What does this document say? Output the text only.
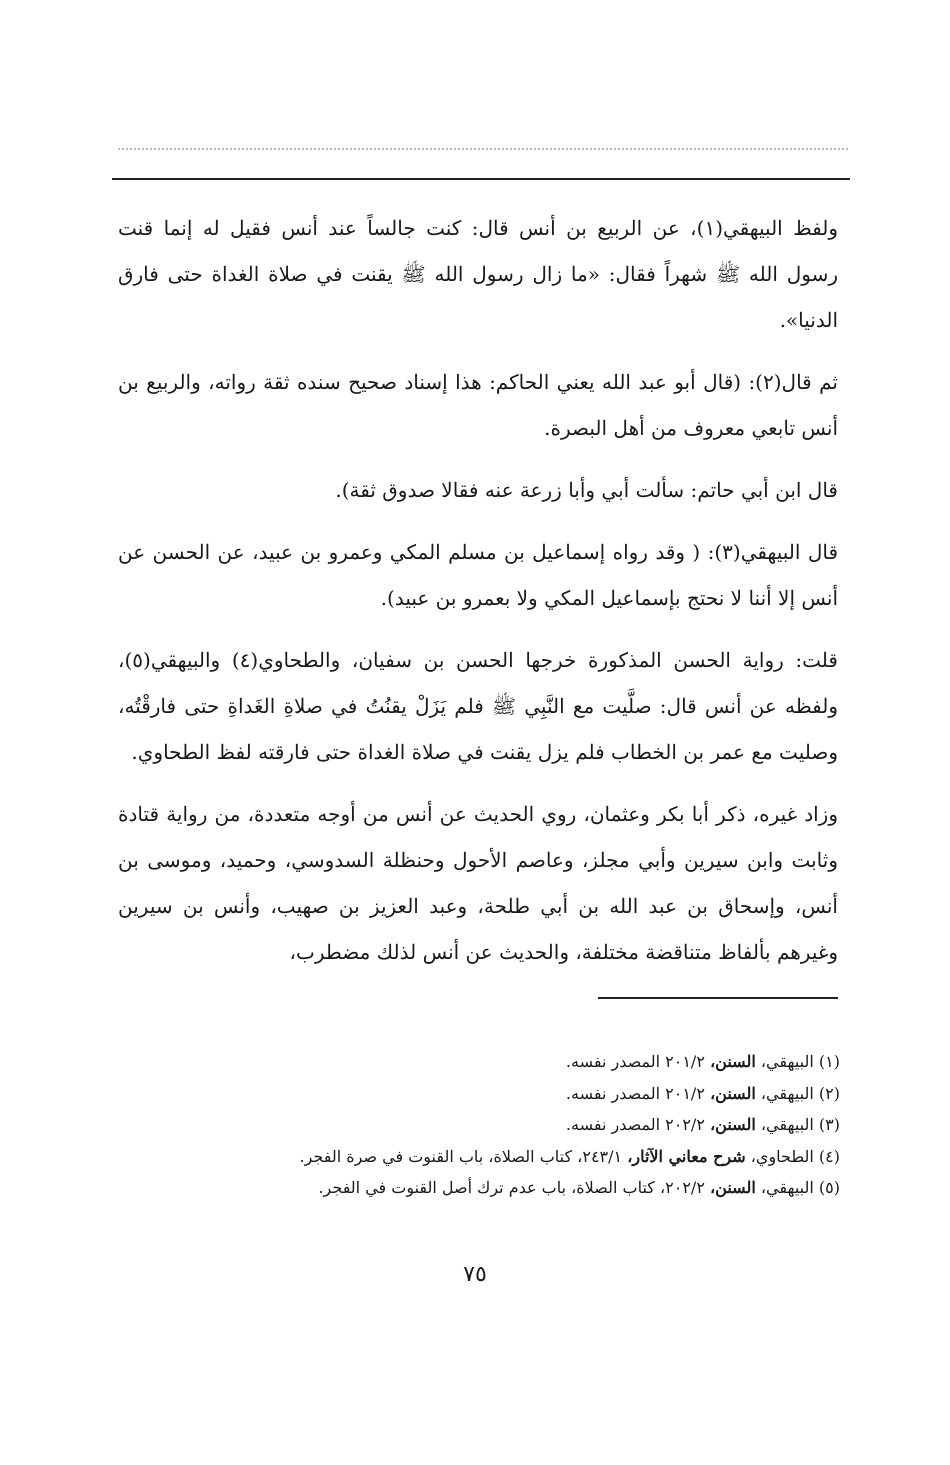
ولفظ البيهقي(١)، عن الربيع بن أنس قال: كنت جالساً عند أنس فقيل له إنما قنت رسول الله ﷺ شهراً فقال: «ما زال رسول الله ﷺ يقنت في صلاة الغداة حتى فارق الدنيا».

ثم قال(٢): (قال أبو عبد الله يعني الحاكم: هذا إسناد صحيح سنده ثقة رواته، والربيع بن أنس تابعي معروف من أهل البصرة.

قال ابن أبي حاتم: سألت أبي وأبا زرعة عنه فقالا صدوق ثقة).

قال البيهقي(٣): ( وقد رواه إسماعيل بن مسلم المكي وعمرو بن عبيد، عن الحسن عن أنس إلا أننا لا نحتج بإسماعيل المكي ولا بعمرو بن عبيد).

قلت: رواية الحسن المذكورة خرجها الحسن بن سفيان، والطحاوي(٤) والبيهقي(٥)، ولفظه عن أنس قال: صلَّيت مع النَّبِي ﷺ فلم يَزَلْ يقنُتُ في صلاةِ الغَداةِ حتى فارقْتُه، وصليت مع عمر بن الخطاب فلم يزل يقنت في صلاة الغداة حتى فارقته لفظ الطحاوي.

وزاد غيره، ذكر أبا بكر وعثمان، روي الحديث عن أنس من أوجه متعددة، من رواية قتادة وثابت وابن سيرين وأبي مجلز، وعاصم الأحول وحنظلة السدوسي، وحميد، وموسى بن أنس، وإسحاق بن عبد الله بن أبي طلحة، وعبد العزيز بن صهيب، وأنس بن سيرين وغيرهم بألفاظ متناقضة مختلفة، والحديث عن أنس لذلك مضطرب،

(١) البيهقي، السنن، ٢٠١/٢ المصدر نفسه.

(٢) البيهقي، السنن، ٢٠١/٢ المصدر نفسه.

(٣) البيهقي، السنن، ٢٠٢/٢ المصدر نفسه.

(٤) الطحاوي، شرح معاني الآثار، ٢٤٣/١، كتاب الصلاة، باب القنوت في صرة الفجر.

(٥) البيهقي، السنن، ٢٠٢/٢، كتاب الصلاة، باب عدم ترك أصل القنوت في الفجر.

٧٥
